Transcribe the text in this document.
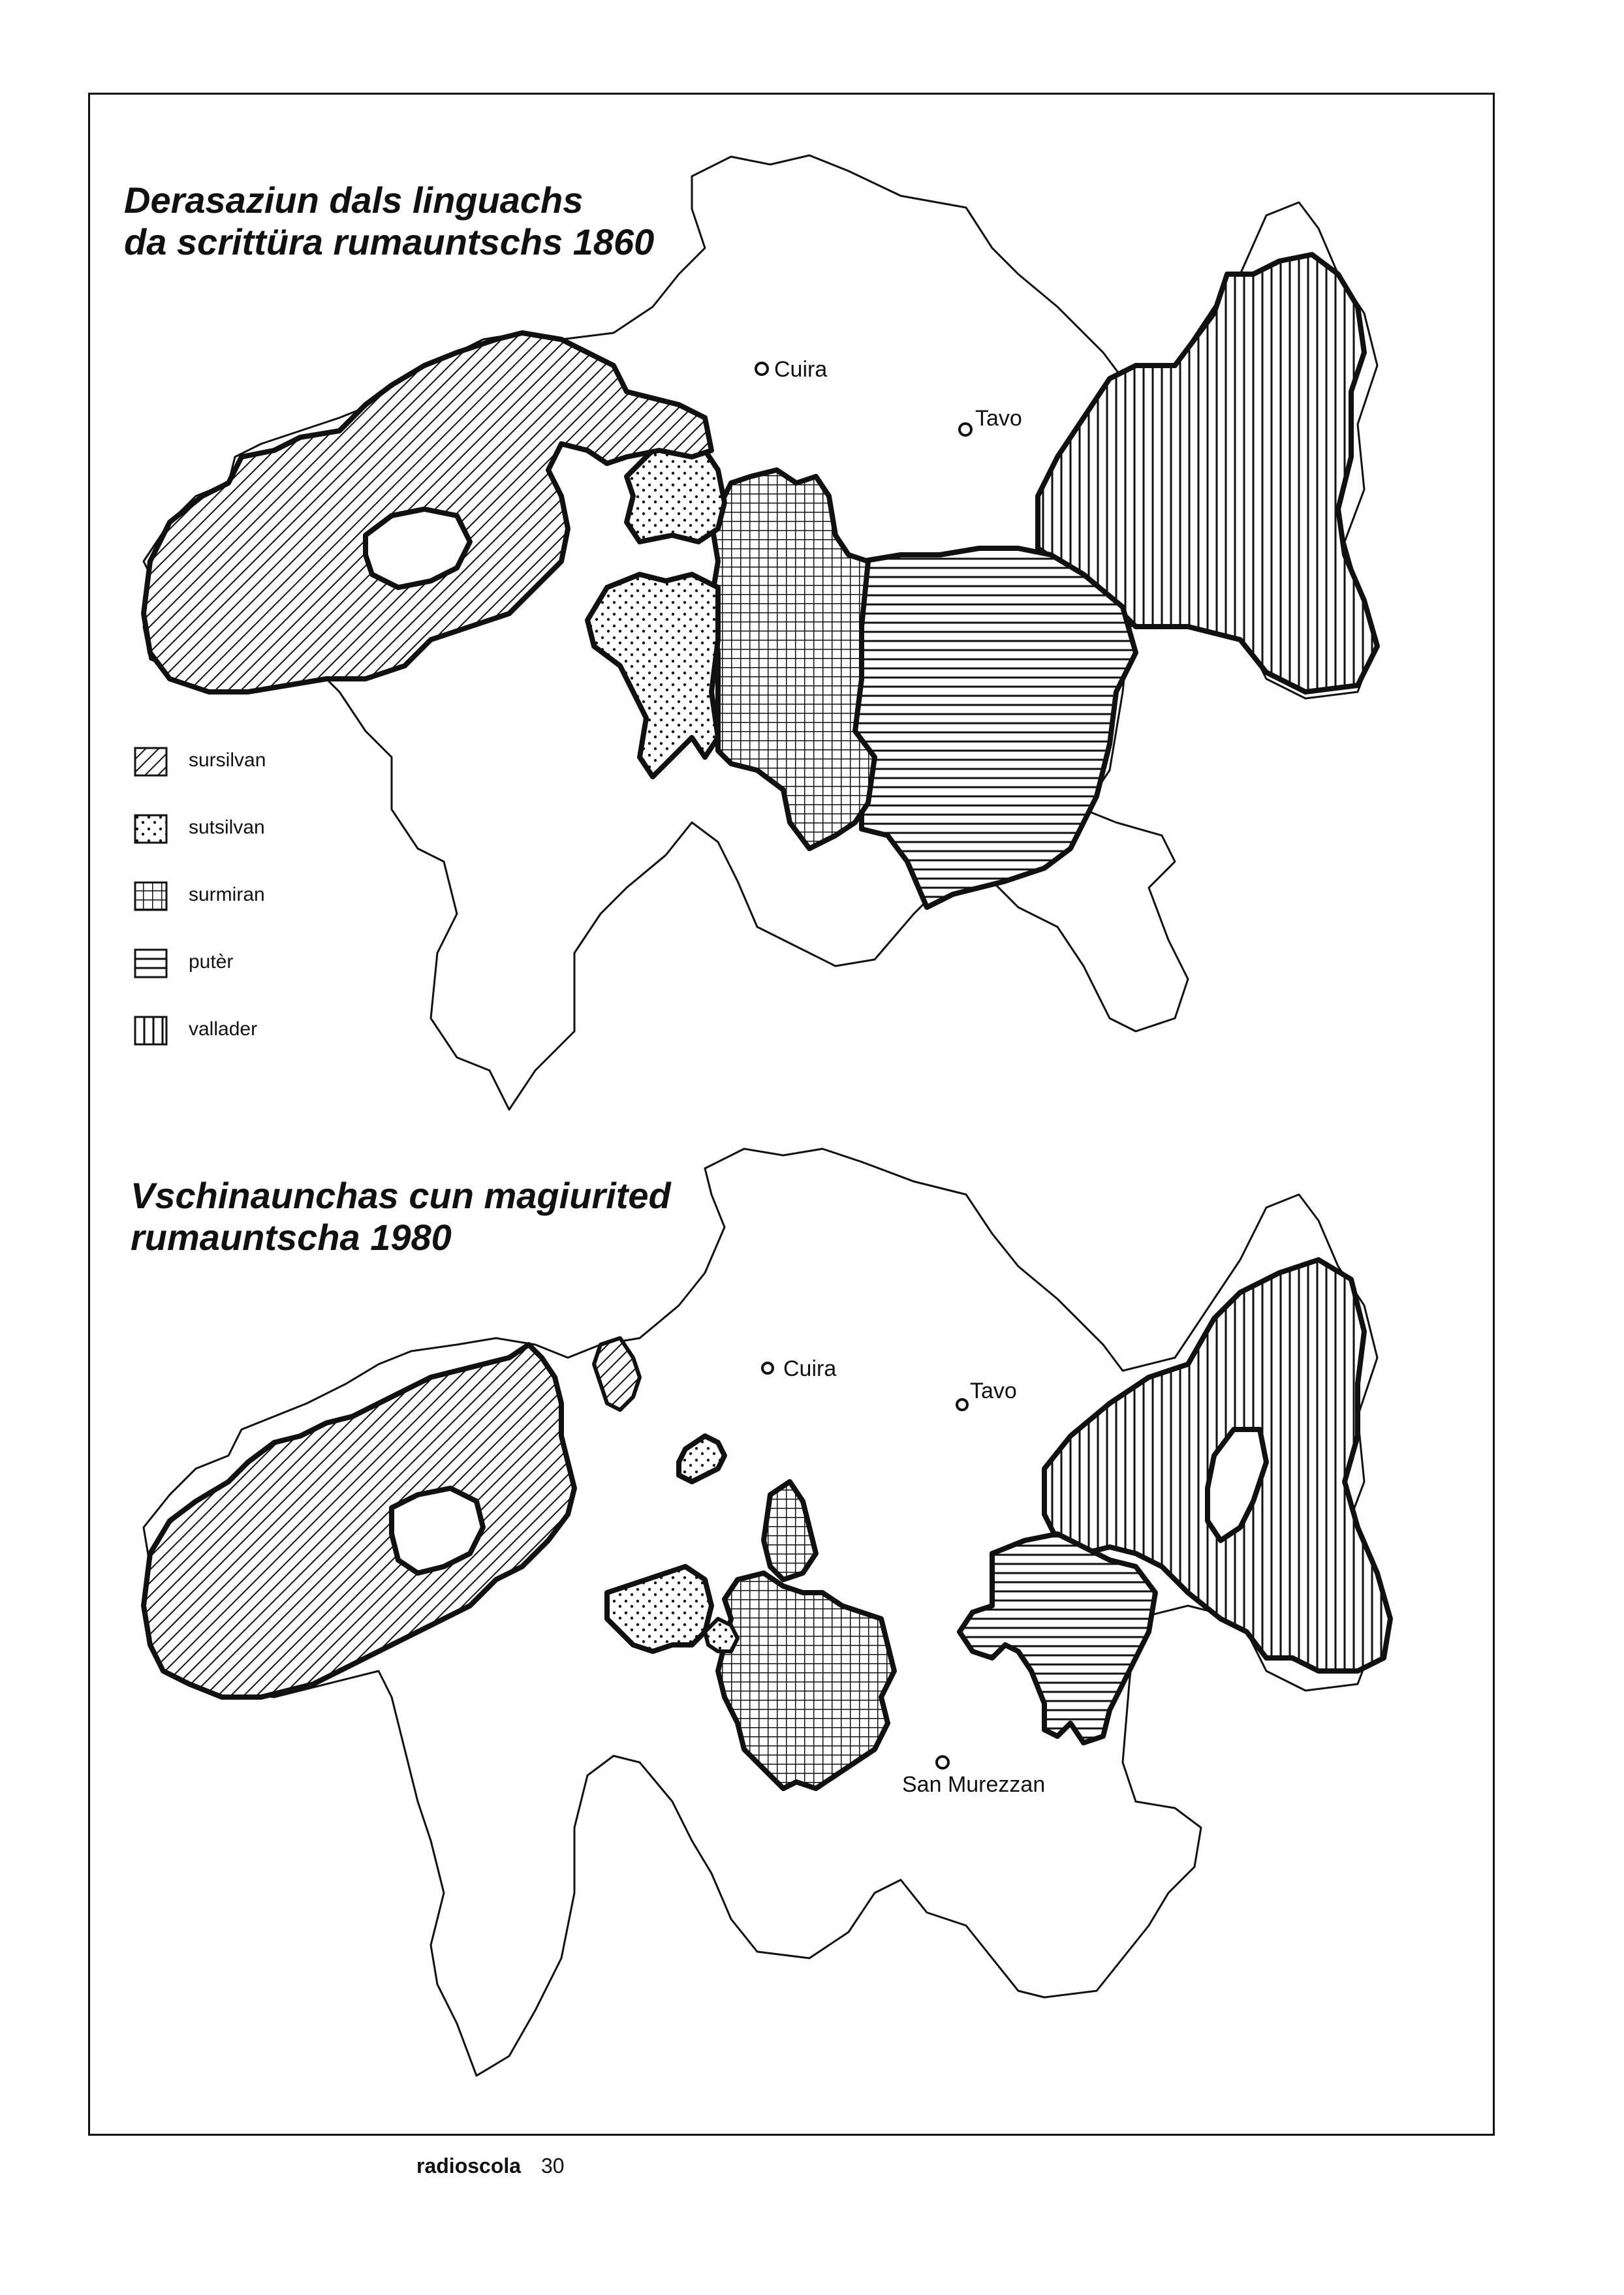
Cuira
Tavo
Cuira
Tavo
San Murezzan
Derasaziun dals linguachs
da scrittüra rumauntschs 1860
Vschinaunchas cun magiurited
rumauntscha 1980
sursilvan
sutsilvan
surmiran
putèr
vallader
radioscola 30
